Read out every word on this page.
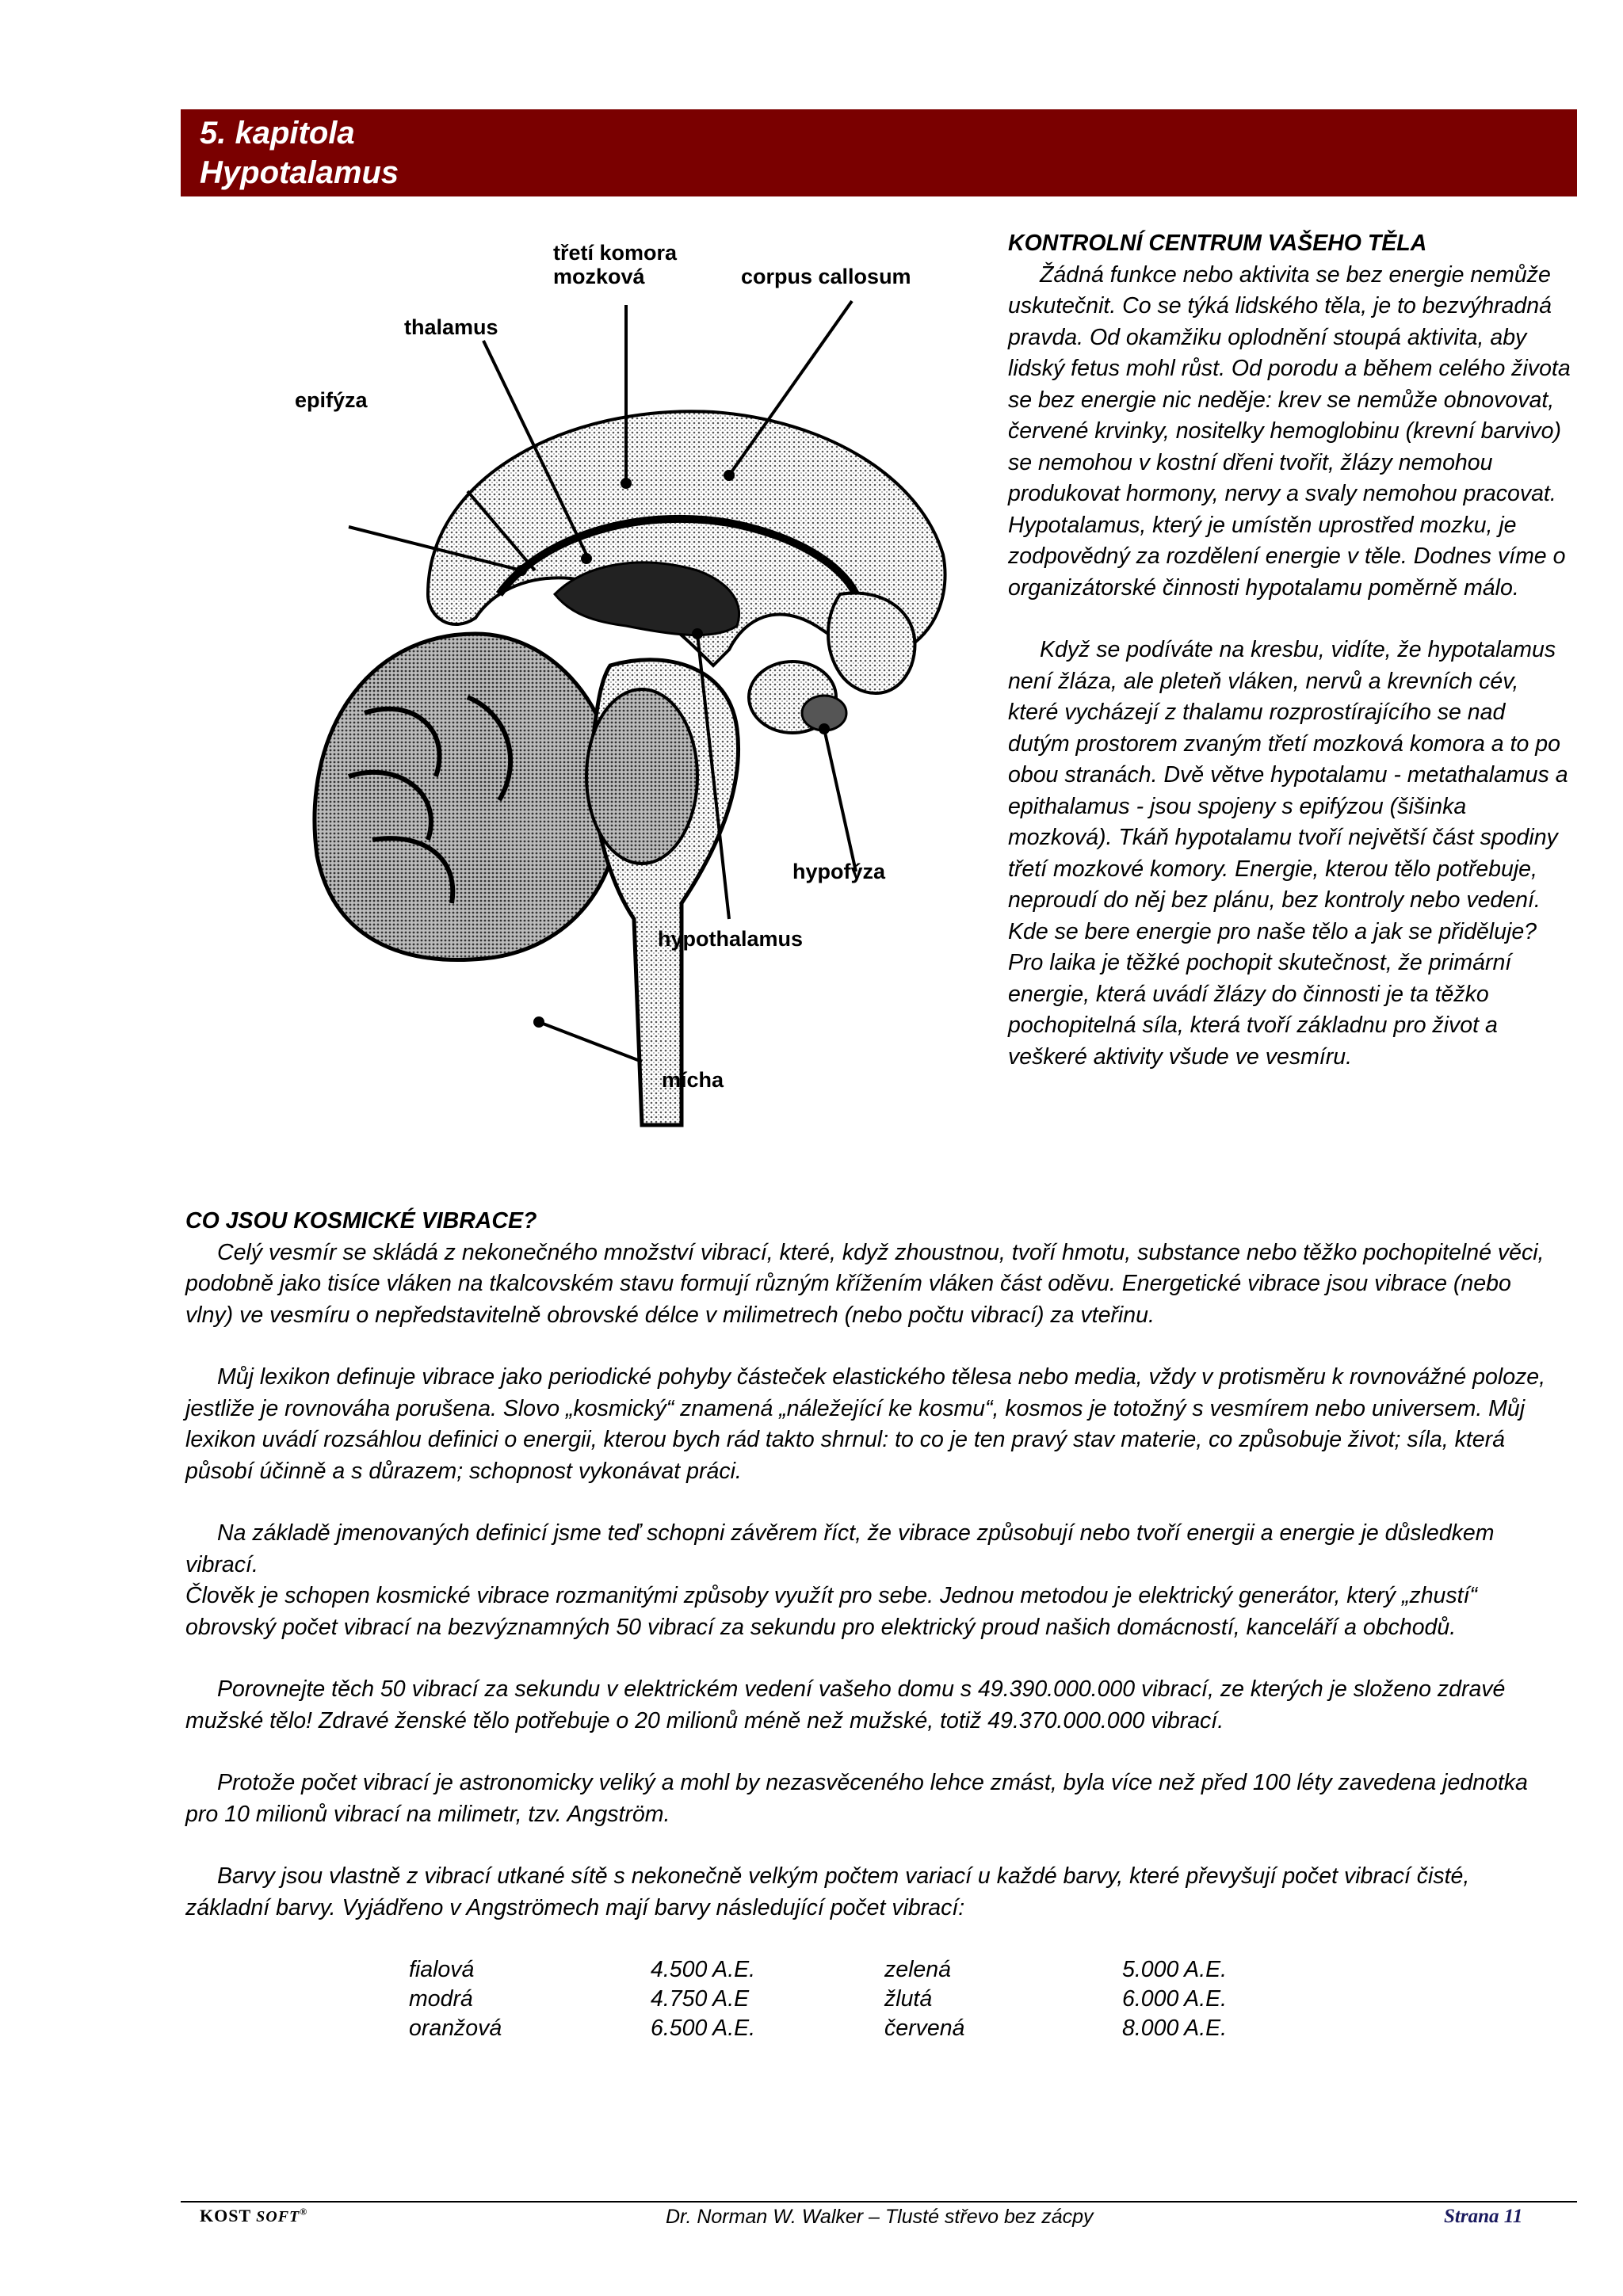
5. kapitola
Hypotalamus
třetí komora
mozková	corpus callosum
thalamus
epifýza
hypofýza
hypothalamus
mícha

KONTROLNÍ CENTRUM VAŠEHO TĚLA

Žádná funkce nebo aktivita se bez energie nemůže uskutečnit. Co se týká lidského těla, je to bezvýhradná pravda. Od okamžiku oplodnění stoupá aktivita, aby lidský fetus mohl růst. Od porodu a během celého života se bez energie nic neděje: krev se nemůže obnovovat, červené krvinky, nositelky hemoglobinu (krevní barvivo) se nemohou v kostní dřeni tvořit, žlázy nemohou produkovat hormony, nervy a svaly nemohou pracovat. Hypotalamus, který je umístěn uprostřed mozku, je zodpovědný za rozdělení energie v těle. Dodnes víme o organizátorské činnosti hypotalamu poměrně málo.

Když se podíváte na kresbu, vidíte, že hypotalamus není žláza, ale pleteň vláken, nervů a krevních cév, které vycházejí z thalamu rozprostírajícího se nad dutým prostorem zvaným třetí mozková komora a to po obou stranách. Dvě větve hypotalamu - metathalamus a epithalamus - jsou spojeny s epifýzou (šišinka mozková). Tkáň hypotalamu tvoří největší část spodiny třetí mozkové komory. Energie, kterou tělo potřebuje, neproudí do něj bez plánu, bez kontroly nebo vedení. Kde se bere energie pro naše tělo a jak se přiděluje? Pro laika je těžké pochopit skutečnost, že primární energie, která uvádí žlázy do činnosti je ta těžko pochopitelná síla, která tvoří základnu pro život a veškeré aktivity všude ve vesmíru.

CO JSOU KOSMICKÉ VIBRACE?

Celý vesmír se skládá z nekonečného množství vibrací, které, když zhoustnou, tvoří hmotu, substance nebo těžko pochopitelné věci, podobně jako tisíce vláken na tkalcovském stavu formují různým křížením vláken část oděvu. Energetické vibrace jsou vibrace (nebo vlny) ve vesmíru o nepředstavitelně obrovské délce v milimetrech (nebo počtu vibrací) za vteřinu.

Můj lexikon definuje vibrace jako periodické pohyby částeček elastického tělesa nebo media, vždy v protisměru k rovnovážné poloze, jestliže je rovnováha porušena. Slovo „kosmický“ znamená „náležející ke kosmu“, kosmos je totožný s vesmírem nebo universem. Můj lexikon uvádí rozsáhlou definici o energii, kterou bych rád takto shrnul: to co je ten pravý stav materie, co způsobuje život; síla, která působí účinně a s důrazem; schopnost vykonávat práci.

Na základě jmenovaných definicí jsme teď schopni závěrem říct, že vibrace způsobují nebo tvoří energii a energie je důsledkem vibrací.

Člověk je schopen kosmické vibrace rozmanitými způsoby využít pro sebe. Jednou metodou je elektrický generátor, který „zhustí“ obrovský počet vibrací na bezvýznamných 50 vibrací za sekundu pro elektrický proud našich domácností, kanceláří a obchodů.

Porovnejte těch 50 vibrací za sekundu v elektrickém vedení vašeho domu s 49.390.000.000 vibrací, ze kterých je složeno zdravé mužské tělo! Zdravé ženské tělo potřebuje o 20 milionů méně než mužské, totiž 49.370.000.000 vibrací.

Protože počet vibrací je astronomicky veliký a mohl by nezasvěceného lehce zmást, byla více než před 100 léty zavedena jednotka pro 10 milionů vibrací na milimetr, tzv. Angström.

Barvy jsou vlastně z vibrací utkané sítě s nekonečně velkým počtem variací u každé barvy, které převyšují počet vibrací čisté, základní barvy. Vyjádřeno v Angströmech mají barvy následující počet vibrací:

fialová	4.500 A.E.	zelená	5.000 A.E.
modrá	4.750 A.E	žlutá	6.000 A.E.
oranžová	6.500 A.E.	červená	8.000 A.E.
KOST SOFT®	Dr. Norman W. Walker – Tlusté střevo bez zácpy	Strana 11
